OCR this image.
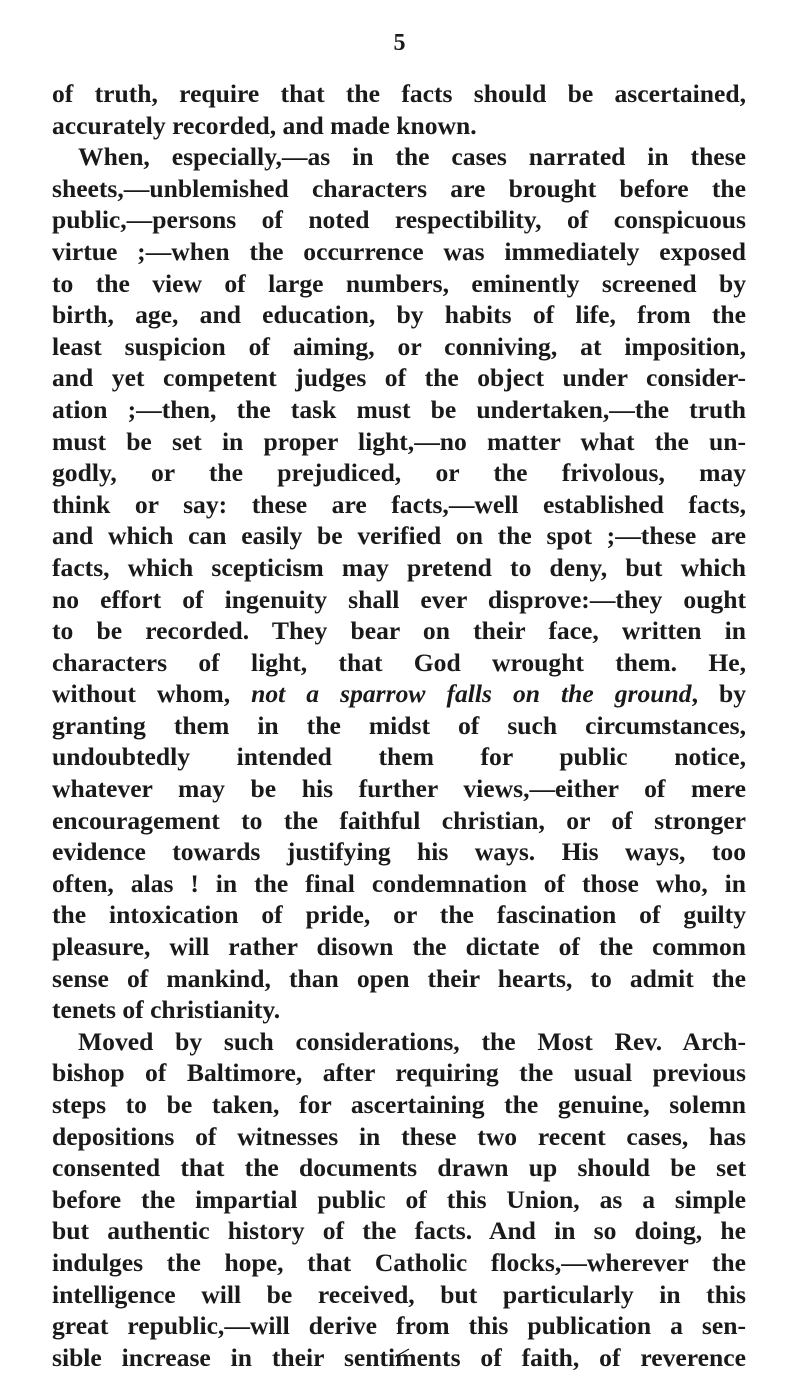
5
of truth, require that the facts should be ascertained,
accurately recorded, and made known.
When, especially,—as in the cases narrated in these
sheets,—unblemished characters are brought before the
public,—persons of noted respectibility, of conspicuous
virtue ;—when the occurrence was immediately exposed
to the view of large numbers, eminently screened by
birth, age, and education, by habits of life, from the
least suspicion of aiming, or conniving, at imposition,
and yet competent judges of the object under consider-
ation ;—then, the task must be undertaken,—the truth
must be set in proper light,—no matter what the un-
godly, or the prejudiced, or the frivolous, may
think or say: these are facts,—well established facts,
and which can easily be verified on the spot ;—these are
facts, which scepticism may pretend to deny, but which
no effort of ingenuity shall ever disprove:—they ought
to be recorded. They bear on their face, written in
characters of light, that God wrought them. He,
without whom, not a sparrow falls on the ground, by
granting them in the midst of such circumstances,
undoubtedly intended them for public notice,
whatever may be his further views,—either of mere
encouragement to the faithful christian, or of stronger
evidence towards justifying his ways. His ways, too
often, alas ! in the final condemnation of those who, in
the intoxication of pride, or the fascination of guilty
pleasure, will rather disown the dictate of the common
sense of mankind, than open their hearts, to admit the
tenets of christianity.
Moved by such considerations, the Most Rev. Arch-
bishop of Baltimore, after requiring the usual previous
steps to be taken, for ascertaining the genuine, solemn
depositions of witnesses in these two recent cases, has
consented that the documents drawn up should be set
before the impartial public of this Union, as a simple
but authentic history of the facts. And in so doing, he
indulges the hope, that Catholic flocks,—wherever the
intelligence will be received, but particularly in this
great republic,—will derive from this publication a sen-
sible increase in their sentiments of faith, of reverence
